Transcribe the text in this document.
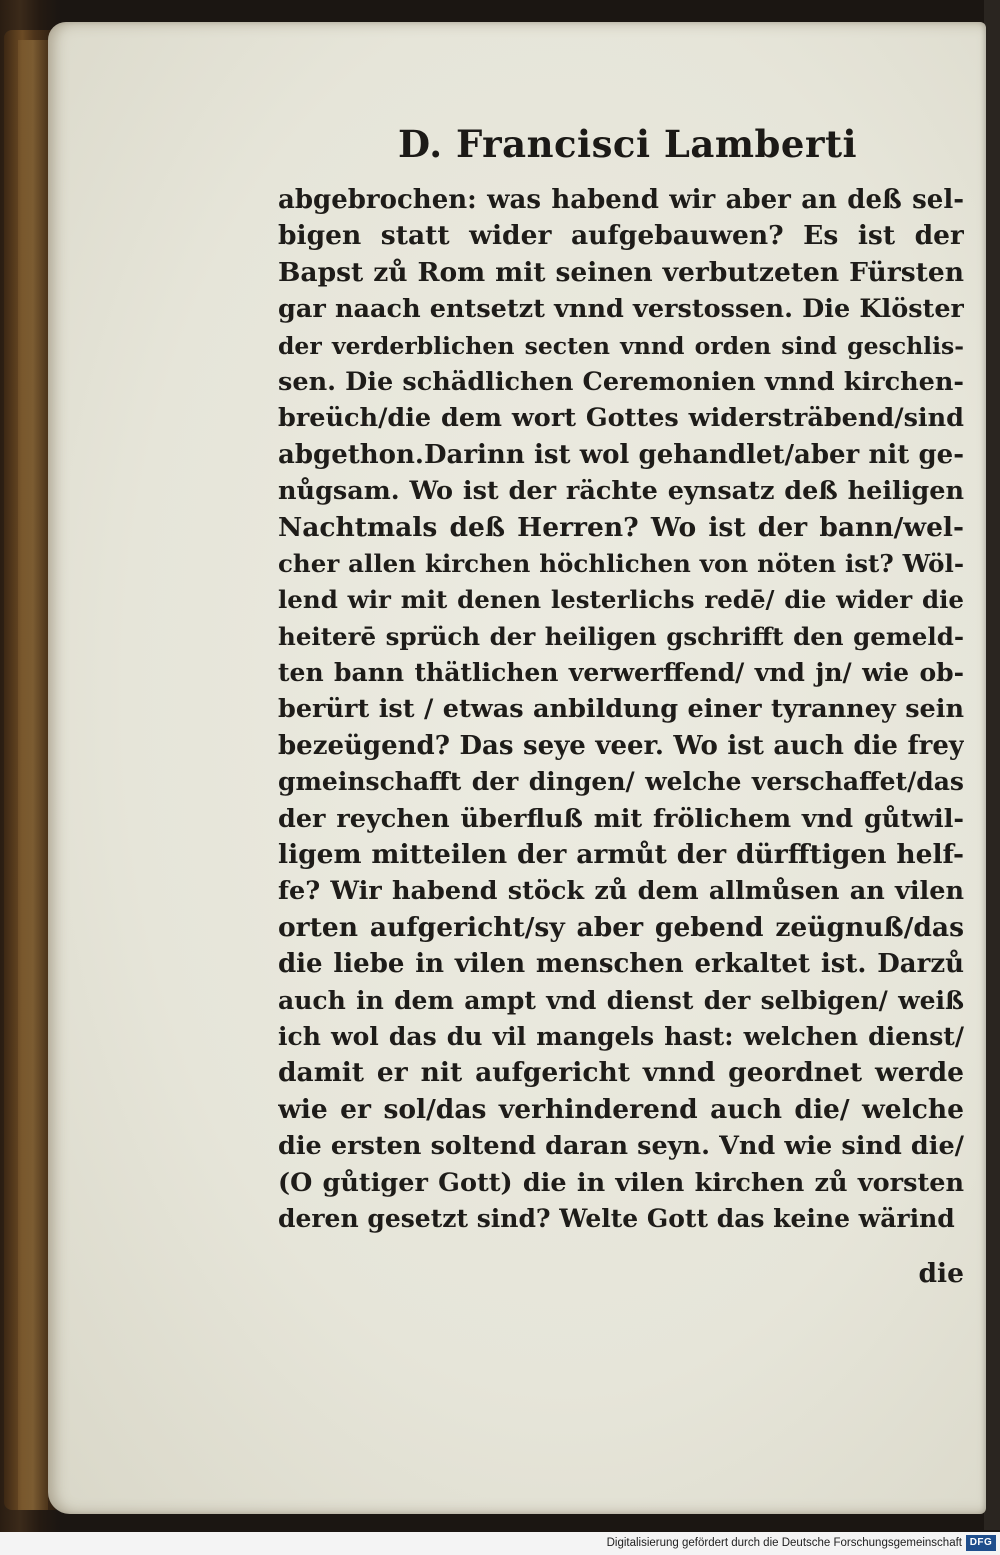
D. Francisci Lamberti
abgebrochen: was habend wir aber an deß sel-
bigen statt wider aufgebauwen? Es ist der
Bapst zů Rom mit seinen verbutzeten Fürsten
gar naach entsetzt vnnd verstossen. Die Klöster
der verderblichen secten vnnd orden sind geschlis-
sen. Die schädlichen Ceremonien vnnd kirchen-
breüch/die dem wort Gottes widersträbend/sind
abgethon.Darinn ist wol gehandlet/aber nit ge-
nůgsam. Wo ist der rächte eynsatz deß heiligen
Nachtmals deß Herren? Wo ist der bann/wel-
cher allen kirchen höchlichen von nöten ist? Wöl-
lend wir mit denen lesterlichs redē/ die wider die
heiterē sprüch der heiligen gschrifft den gemeld-
ten bann thätlichen verwerffend/ vnd jn/ wie ob-
berürt ist / etwas anbildung einer tyranney sein
bezeügend? Das seye veer. Wo ist auch die frey
gmeinschafft der dingen/ welche verschaffet/das
der reychen überfluß mit frölichem vnd gůtwil-
ligem mitteilen der armůt der dürfftigen helf-
fe? Wir habend stöck zů dem allmůsen an vilen
orten aufgericht/sy aber gebend zeügnuß/das
die liebe in vilen menschen erkaltet ist. Darzů
auch in dem ampt vnd dienst der selbigen/ weiß
ich wol das du vil mangels hast: welchen dienst/
damit er nit aufgericht vnnd geordnet werde
wie er sol/das verhinderend auch die/ welche
die ersten soltend daran seyn. Vnd wie sind die/
(O gůtiger Gott) die in vilen kirchen zů vorsten
deren gesetzt sind? Welte Gott das keine wärind
die
Digitalisierung gefördert durch die Deutsche Forschungsgemeinschaft DFG
